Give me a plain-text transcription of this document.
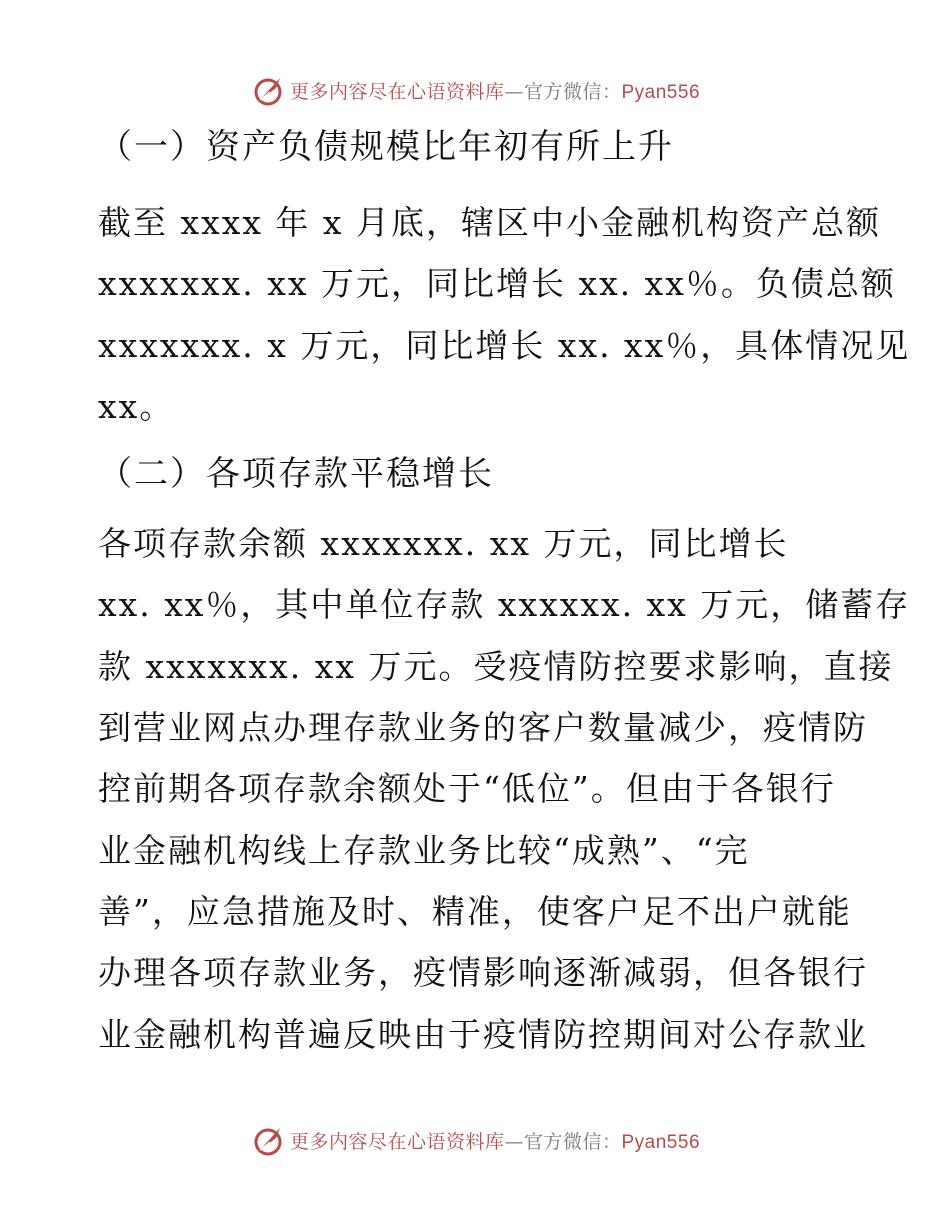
更多内容尽在心语资料库—官方微信：Pyan556
（一）资产负债规模比年初有所上升

截至 xxxx 年 x 月底，辖区中小金融机构资产总额
xxxxxxx. xx 万元，同比增长 xx. xx％。负债总额
xxxxxxx. x 万元，同比增长 xx. xx％，具体情况见
xx。

（二）各项存款平稳增长

各项存款余额 xxxxxxx. xx 万元，同比增长
xx. xx％，其中单位存款 xxxxxx. xx 万元，储蓄存
款 xxxxxxx. xx 万元。受疫情防控要求影响，直接
到营业网点办理存款业务的客户数量减少，疫情防
控前期各项存款余额处于“低位”。但由于各银行
业金融机构线上存款业务比较“成熟”、“完
善”，应急措施及时、精准，使客户足不出户就能
办理各项存款业务，疫情影响逐渐减弱，但各银行
业金融机构普遍反映由于疫情防控期间对公存款业

更多内容尽在心语资料库—官方微信：Pyan556
